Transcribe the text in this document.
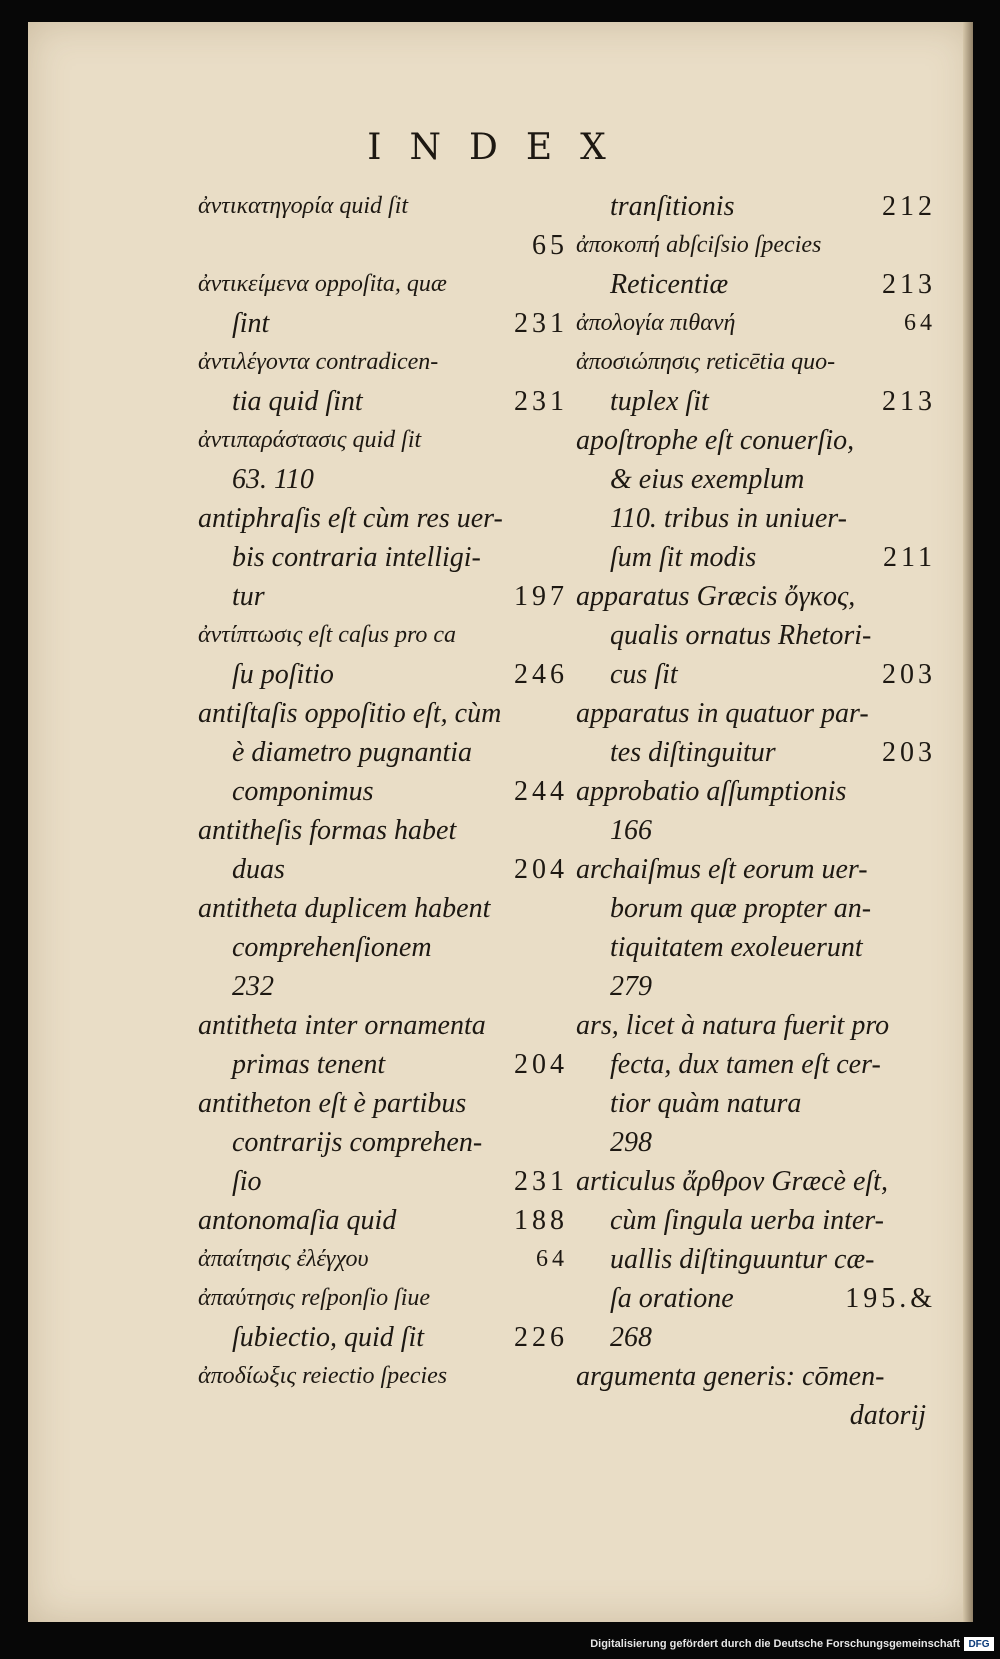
INDEX
ἀντικατηγορία quid ſit
65
ἀντικείμενα oppoſita, quæ
231
ſint
ἀντιλέγοντα contradicen-
231
tia quid ſint
ἀντιπαράστασις quid ſit
63. 110
antiphraſis eſt cùm res uer-
bis contraria intelligi-
197
tur
ἀντίπτωσις eſt caſus pro ca
246
ſu poſitio
antiſtaſis oppoſitio eſt, cùm
è diametro pugnantia
244
componimus
antitheſis formas habet
204
duas
antitheta duplicem habent
comprehenſionem
232
antitheta inter ornamenta
204
primas tenent
antitheton eſt è partibus
contrarijs comprehen-
231
ſio
188
antonomaſia quid
64
ἀπαίτησις ἐλέγχου
ἀπαύτησις reſponſio ſiue
226
ſubiectio, quid ſit
ἀποδίωξις reiectio ſpecies
212
tranſitionis
ἀποκοπή abſciſsio ſpecies
213
Reticentiæ
64
ἀπολογία πιθανή
ἀποσιώπησις reticētia quo-
213
tuplex ſit
apoſtrophe eſt conuerſio,
& eius exemplum
110. tribus in uniuer-
211
ſum ſit modis
apparatus Græcis ὄγκος,
qualis ornatus Rhetori-
203
cus ſit
apparatus in quatuor par-
203
tes diſtinguitur
approbatio aſſumptionis
166
archaiſmus eſt eorum uer-
borum quæ propter an-
tiquitatem exoleuerunt
279
ars, licet à natura fuerit pro
fecta, dux tamen eſt cer-
tior quàm natura
298
articulus ἄρθρον Græcè eſt,
cùm ſingula uerba inter-
uallis diſtinguuntur cæ-
195.&
ſa oratione
268
argumenta generis: cōmen-
datorij
Digitalisierung gefördert durch die Deutsche Forschungsgemeinschaft DFG
